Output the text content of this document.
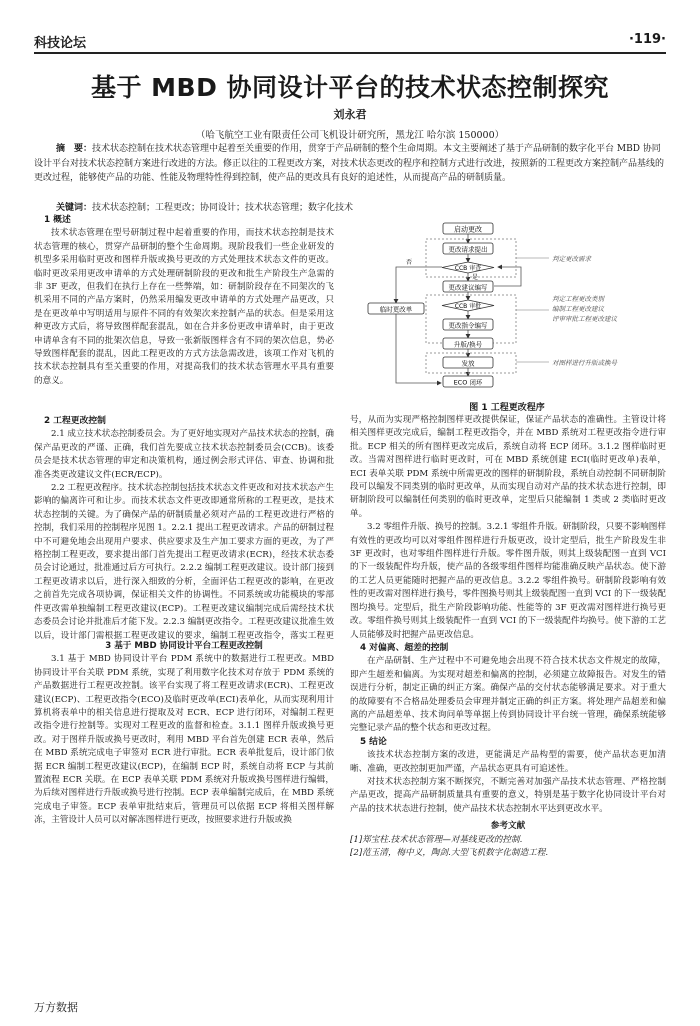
科技论坛	·119·
基于 MBD 协同设计平台的技术状态控制探究
刘永君
（哈飞航空工业有限责任公司飞机设计研究所，黑龙江 哈尔滨 150000）
摘　要：技术状态控制在技术状态管理中起着至关重要的作用，贯穿于产品研制的整个生命周期。本文主要阐述了基于产品研制的数字化平台 MBD 协同设计平台对技术状态控制方案进行改进的方法。修正以往的工程更改方案，对技术状态更改的程序和控制方式进行改进，按照新的工程更改方案控制产品基线的更改过程，能够使产品的功能、性能及物理特性得到控制，使产品的更改具有良好的追述性，从而提高产品的研制质量。
关键词：技术状态控制；工程更改；协同设计；技术状态管理；数字化技术

1 概述

技术状态管理在型号研制过程中起着重要的作用，而技术状态控制是技术状态管理的核心，贯穿产品研制的整个生命周期。现阶段我们一些企业研发的机型多采用临时更改和图样升版或换号更改的方式处理技术状态文件的更改。临时更改采用更改申请单的方式处理研制阶段的更改和批生产阶段生产急需的非 3F 更改，但我们在执行上存在一些弊端，如：研制阶段存在不同架次的飞机采用不同的产品方案时，仍然采用编发更改申请单的方式处理产品更改，只是在更改单中写明适用与原件不同的有效架次来控制产品的状态。但是采用这种更改方式后，将导致图样配套混乱，如在合并多份更改申请单时，由于更改申请单含有不同的批架次信息，导致一张新版图样含有不同的架次信息，势必导致图样配套的混乱，因此工程更改的方式方法急需改进，该项工作对飞机的技术状态控制具有至关重要的作用，对提高我们的技术状态管理水平具有重要的意义。

2 工程更改控制

2.1 成立技术状态控制委员会。为了更好地实现对产品技术状态的控制，确保产品更改的严谨、正确，我们首先要成立技术状态控制委员会(CCB)。该委员会是技术状态管理的审定和决策机构，通过例会形式评估、审查、协调和批准各类更改建议文件(ECR/ECP)。

2.2 工程更改程序。技术状态控制包括技术状态文件更改和对技术状态产生影响的偏离许可和让步。而技术状态文件更改即通常所称的工程更改，是技术状态控制的关键。为了确保产品的研制质量必须对产品的工程更改进行严格的控制，我们采用的控制程序见图 1。2.2.1 提出工程更改请求。产品的研制过程中不可避免地会出现用户要求、供应要求及生产加工要求方面的更改，为了严格控制工程更改，要求提出部门首先提出工程更改请求(ECR)，经技术状态委员会讨论通过，批准通过后方可执行。2.2.2 编制工程更改建议。设计部门接到工程更改请求以后，进行深入细致的分析，全面评估工程更改的影响，在更改之前首先完成各项协调，保证相关文件的协调性。不同系统或功能模块的零部件更改需单独编制工程更改建议(ECP)。工程更改建议编制完成后需经技术状态委员会讨论并批准后才能下发。2.2.3 编制更改指令。工程更改建议批准生效以后，设计部门需根据工程更改建议的要求，编制工程更改指令，落实工程更

3 基于 MBD 协同设计平台工程更改控制

3.1 基于 MBD 协同设计平台 PDM 系统中的数据进行工程更改。MBD 协同设计平台关联 PDM 系统，实现了利用数字化技术对存放于 PDM 系统的产品数据进行工程更改控制。该平台实现了将工程更改请求(ECR)、工程更改建议(ECP)、工程更改指令(ECO)及临时更改单(ECI)表单化，从而实现利用计算机将表单中的相关信息进行提取及对 ECR、ECP 进行闭环，对编制工程更改指令进行控制等。实现对工程更改的监督和检查。3.1.1 图样升版或换号更改。对于图样升版或换号更改时，利用 MBD 平台首先创建 ECR 表单，然后在 MBD 系统完成电子审签对 ECR 进行审批。ECR 表单批复后，设计部门依据 ECR 编制工程更改建议(ECP)，在编制 ECP 时，系统自动将 ECP 与其前置流程 ECR 关联。在 ECP 表单关联 PDM 系统对升版或换号图样进行编辑，为后续对图样进行升版或换号进行控制。ECP 表单编制完成后，在 MBD 系统完成电子审签。ECP 表单审批结束后，管理员可以依据 ECP 将相关图样解冻，主管设计人员可以对解冻图样进行更改，按照要求进行升版或换

启动更改
更改请求提出
CCB 审查
临时更改单
更改建议编写
CCB 审批
更改指令编写
升版/换号
发放
ECO 闭环
否
是
判定更改需求
判定工程更改类别编制工程更改建议评审审批工程更改建议
对图样进行升版或换号
图 1 工程更改程序

号，从而为实现严格控制图样更改提供保证，保证产品状态的准确性。主管设计将相关图样更改完成后，编制工程更改指令，并在 MBD 系统对工程更改指令进行审批。ECP 相关的所有图样更改完成后，系统自动将 ECP 闭环。3.1.2 图样临时更改。当需对图样进行临时更改时，可在 MBD 系统创建 ECI(临时更改单)表单，ECI 表单关联 PDM 系统中所需更改的图样的研制阶段，系统自动控制不同研制阶段可以编发不同类别的临时更改单，从而实现自动对产品的技术状态进行控制，即研制阶段可以编制任何类别的临时更改单，定型后只能编制 1 类或 2 类临时更改单。

3.2 零组件升版、换号的控制。3.2.1 零组件升版。研制阶段，只要不影响图样有效性的更改均可以对零组件图样进行升版更改，设计定型后，批生产阶段发生非 3F 更改时，也对零组件图样进行升版。零件图升版，则其上级装配图一直到 VCI 的下一级装配件均升版，使产品的各级零组件图样均能准确反映产品状态。使下游的工艺人员更能随时把握产品的更改信息。3.2.2 零组件换号。研制阶段影响有效性的更改需对图样进行换号，零件图换号则其上级装配图一直到 VCI 的下一级装配图均换号。定型后，批生产阶段影响功能、性能等的 3F 更改需对图样进行换号更改。零组件换号则其上级装配件一直到 VCI 的下一级装配件均换号。使下游的工艺人员能够及时把握产品更改信息。

4 对偏离、超差的控制

在产品研制、生产过程中不可避免地会出现不符合技术状态文件规定的故障，即产生超差和偏离。为实现对超差和偏离的控制，必须建立故障报告。对发生的错误进行分析，制定正确的纠正方案。确保产品的交付状态能够满足要求。对于重大的故障要有不合格品处理委员会审理并制定正确的纠正方案。将处理产品超差和偏离的产品超差单、技术询问单等单据上传到协同设计平台统一管理，确保系统能够完整记录产品的整个状态和更改过程。

5 结论

该技术状态控制方案的改进，更能满足产品构型的需要，使产品状态更加清晰、准确，更改控制更加严谨，产品状态更具有可追述性。

对技术状态控制方案不断探究，不断完善对加强产品技术状态管理、严格控制产品更改，提高产品研制质量具有重要的意义，特别是基于数字化协同设计平台对产品的技术状态进行控制，使产品技术状态控制水平达到更改水平。

参考文献

[1]郑宝柱.技术状态管理—对基线更改的控制.

[2]范玉清，梅中义，陶剑.大型飞机数字化制造工程.

万方数据
